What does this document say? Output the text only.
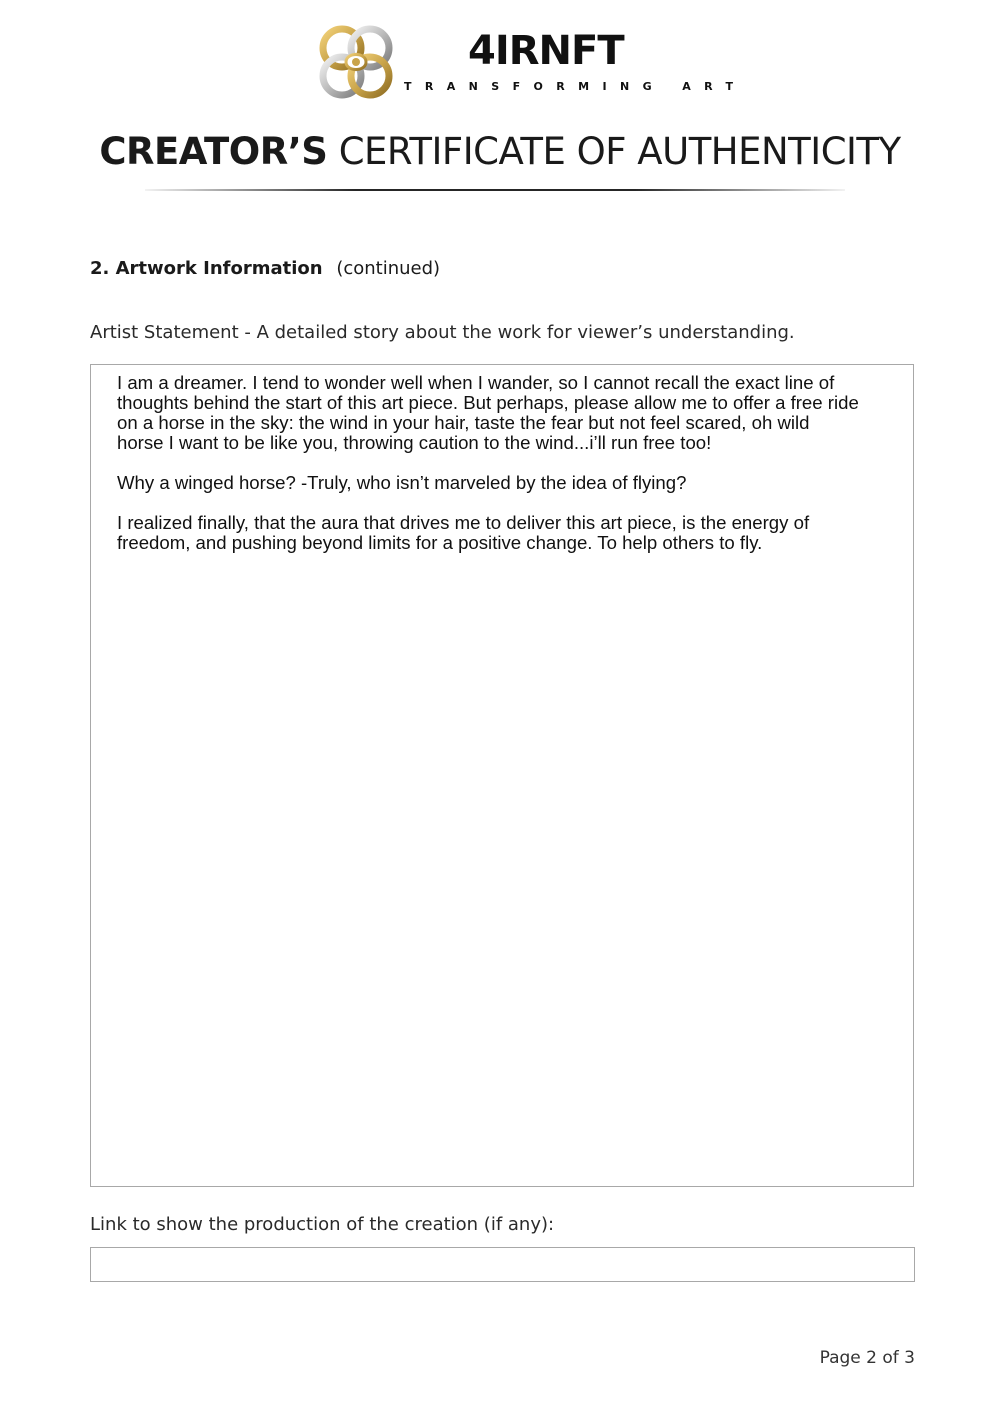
4IRNFT
TRANSFORMING ART
CREATOR’S CERTIFICATE OF AUTHENTICITY
2. Artwork Information (continued)
Artist Statement - A detailed story about the work for viewer’s understanding.

I am a dreamer. I tend to wonder well when I wander, so I cannot recall the exact line of
thoughts behind the start of this art piece. But perhaps, please allow me to offer a free ride
on a horse in the sky: the wind in your hair, taste the fear but not feel scared, oh wild
horse I want to be like you, throwing caution to the wind...i’ll run free too!

Why a winged horse? -Truly, who isn’t marveled by the idea of flying?

I realized finally, that the aura that drives me to deliver this art piece, is the energy of
freedom, and pushing beyond limits for a positive change. To help others to fly.

Link to show the production of the creation (if any):
Page 2 of 3
